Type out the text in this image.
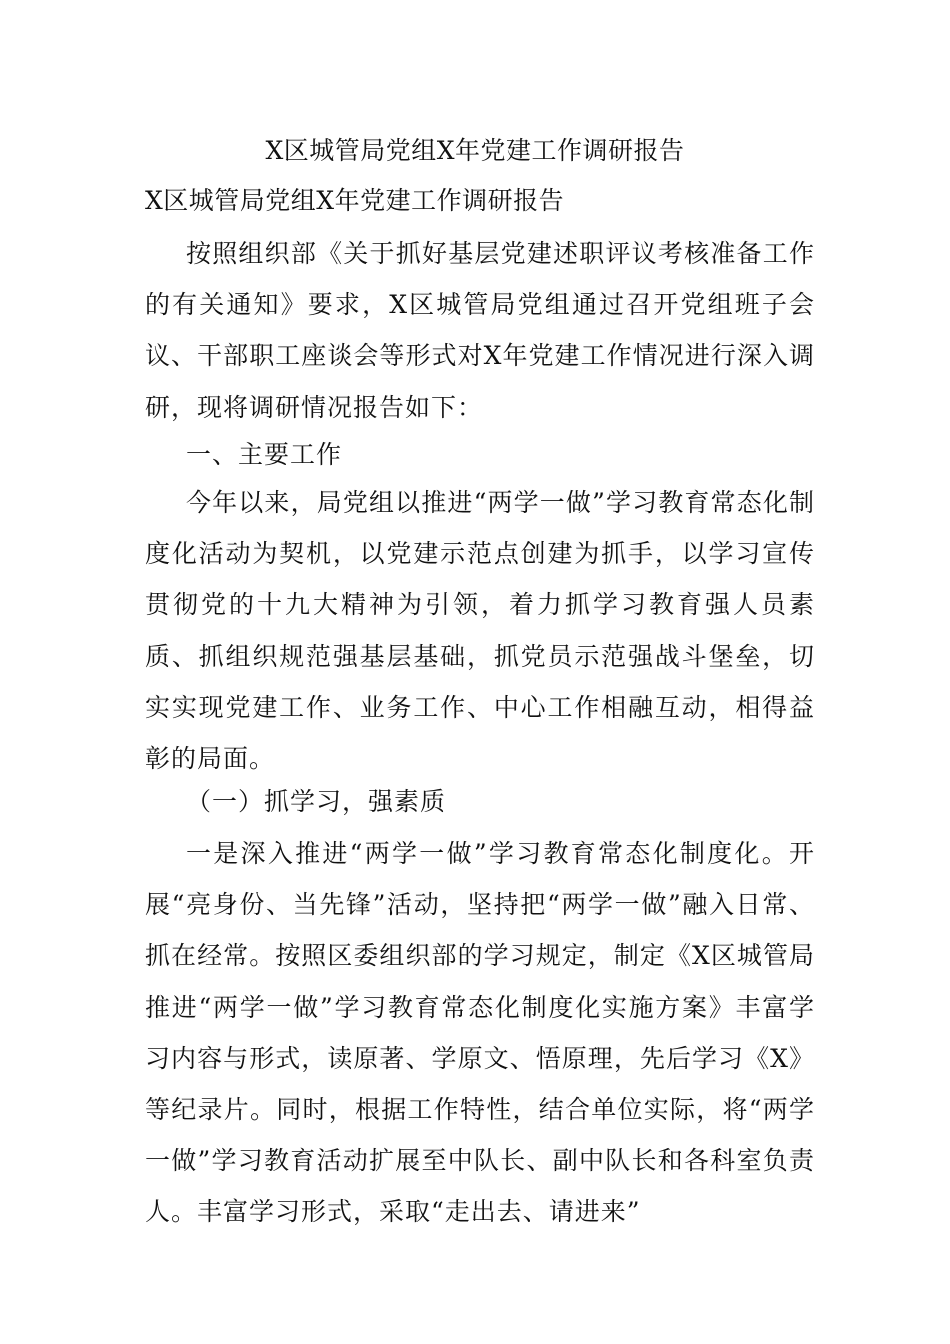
X区城管局党组X年党建工作调研报告
X区城管局党组X年党建工作调研报告

按照组织部《关于抓好基层党建述职评议考核准备工作的有关通知》要求，X区城管局党组通过召开党组班子会议、干部职工座谈会等形式对X年党建工作情况进行深入调研，现将调研情况报告如下：

一、主要工作

今年以来，局党组以推进“两学一做”学习教育常态化制度化活动为契机，以党建示范点创建为抓手，以学习宣传贯彻党的十九大精神为引领，着力抓学习教育强人员素质、抓组织规范强基层基础，抓党员示范强战斗堡垒，切实实现党建工作、业务工作、中心工作相融互动，相得益彰的局面。

（一）抓学习，强素质

一是深入推进“两学一做”学习教育常态化制度化。开展“亮身份、当先锋”活动，坚持把“两学一做”融入日常、抓在经常。按照区委组织部的学习规定，制定《X区城管局推进“两学一做”学习教育常态化制度化实施方案》丰富学习内容与形式，读原著、学原文、悟原理，先后学习《X》等纪录片。同时，根据工作特性，结合单位实际，将“两学一做”学习教育活动扩展至中队长、副中队长和各科室负责人。丰富学习形式，采取“走出去、请进来”
